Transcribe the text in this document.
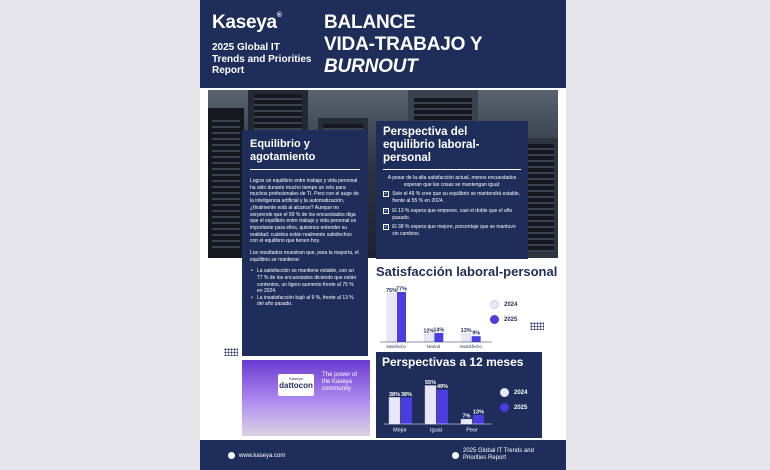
Kaseya®
2025 Global IT Trends and Priorities Report
BALANCE
VIDA-TRABAJO Y
BURNOUT
Equilibrio y agotamiento

Lograr un equilibrio entre trabajo y vida personal ha sido durante mucho tiempo un reto para muchos profesionales de TI. Pero con el auge de la inteligencia artificial y la automatización, ¿finalmente está al alcance? Aunque no sorprende que el 99 % de los encuestados diga que el equilibrio entre trabajo y vida personal es importante para ellos, quisimos entender su realidad: cuántos están realmente satisfechos con el equilibrio que tienen hoy.

Los resultados muestran que, para la mayoría, el equilibrio se mantiene:

• La satisfacción se mantiene estable, con un 77 % de los encuestados diciendo que están contentos, un ligero aumento frente al 75 % en 2024.
• La insatisfacción bajó al 9 %, frente al 13 % del año pasado.
Perspectiva del equilibrio laboral-personal

A pesar de la alta satisfacción actual, menos encuestados esperan que las cosas se mantengan igual:

✓ Solo el 49 % cree que su equilibrio se mantendrá estable, frente al 55 % en 2024.
✓ El 13 % espera que empeore, casi el doble que el año pasado.
✓ El 38 % espera que mejore, porcentaje que se mantuvo sin cambios.
Satisfacción laboral-personal
75%
77%
Satisfecho
12%
14%
Neutral
13% 9%
Insatisfecho
2024
2025
Kaseya
dattocon
The power of the Kaseya community
Perspectivas a 12 meses
38% 38%
Mejor
55%
49%
Igual
7%
13%
Peor
2024
2025
www.kaseya.com
2025 Global IT Trends and Priorities Report
